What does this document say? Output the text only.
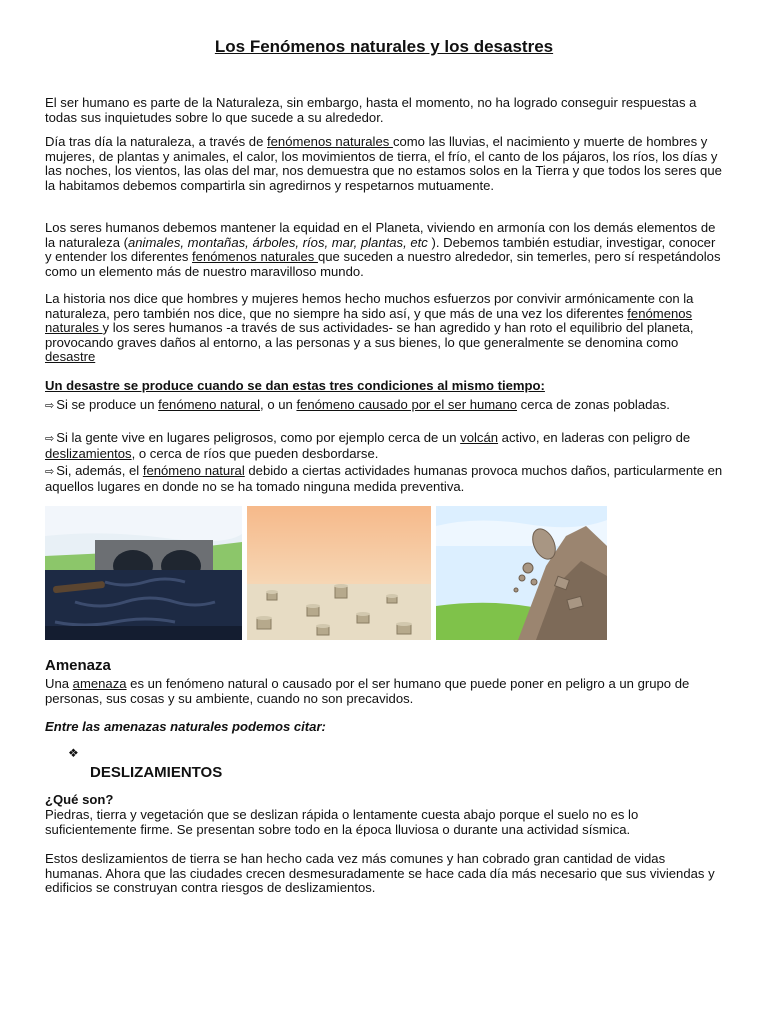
Los Fenómenos naturales y los desastres

El ser humano es parte de la Naturaleza, sin embargo, hasta el momento, no ha logrado conseguir respuestas a todas sus inquietudes sobre lo que sucede a su alrededor.

Día tras día la naturaleza, a través de fenómenos naturales como las lluvias, el nacimiento y muerte de hombres y mujeres, de plantas y animales, el calor, los movimientos de tierra, el frío, el canto de los pájaros, los ríos, los días y las noches, los vientos, las olas del mar, nos demuestra que no estamos solos en la Tierra y que todos los seres que la habitamos debemos compartirla sin agredirnos y respetarnos mutuamente.

Los seres humanos debemos mantener la equidad en el Planeta, viviendo en armonía con los demás elementos de la naturaleza (animales, montañas, árboles, ríos, mar, plantas, etc ). Debemos también estudiar, investigar, conocer y entender los diferentes fenómenos naturales que suceden a nuestro alrededor, sin temerles, pero sí respetándolos como un elemento más de nuestro maravilloso mundo.

La historia nos dice que hombres y mujeres hemos hecho muchos esfuerzos por convivir armónicamente con la naturaleza, pero también nos dice, que no siempre ha sido así, y que más de una vez los diferentes fenómenos naturales y los seres humanos -a través de sus actividades- se han agredido y han roto el equilibrio del planeta, provocando graves daños al entorno, a las personas y a sus bienes, lo que generalmente se denomina como desastre

Un desastre se produce cuando se dan estas tres condiciones al mismo tiempo:

⇨ Si se produce un fenómeno natural, o un fenómeno causado por el ser humano cerca de zonas pobladas.

⇨ Si la gente vive en lugares peligrosos, como por ejemplo cerca de un volcán activo, en laderas con peligro de deslizamientos, o cerca de ríos que pueden desbordarse.

⇨ Si, además, el fenómeno natural debido a ciertas actividades humanas provoca muchos daños, particularmente en aquellos lugares en donde no se ha tomado ninguna medida preventiva.

Amenaza

Una amenaza es un fenómeno natural o causado por el ser humano que puede poner en peligro a un grupo de personas, sus cosas y su ambiente, cuando no son precavidos.

Entre las amenazas naturales podemos citar:

❖
DESLIZAMIENTOS

¿Qué son?

Piedras, tierra y vegetación que se deslizan rápida o lentamente cuesta abajo porque el suelo no es lo suficientemente firme. Se presentan sobre todo en la época lluviosa o durante una actividad sísmica.

Estos deslizamientos de tierra se han hecho cada vez más comunes y han cobrado gran cantidad de vidas humanas. Ahora que las ciudades crecen desmesuradamente se hace cada día más necesario que sus viviendas y edificios se construyan contra riesgos de deslizamientos.
